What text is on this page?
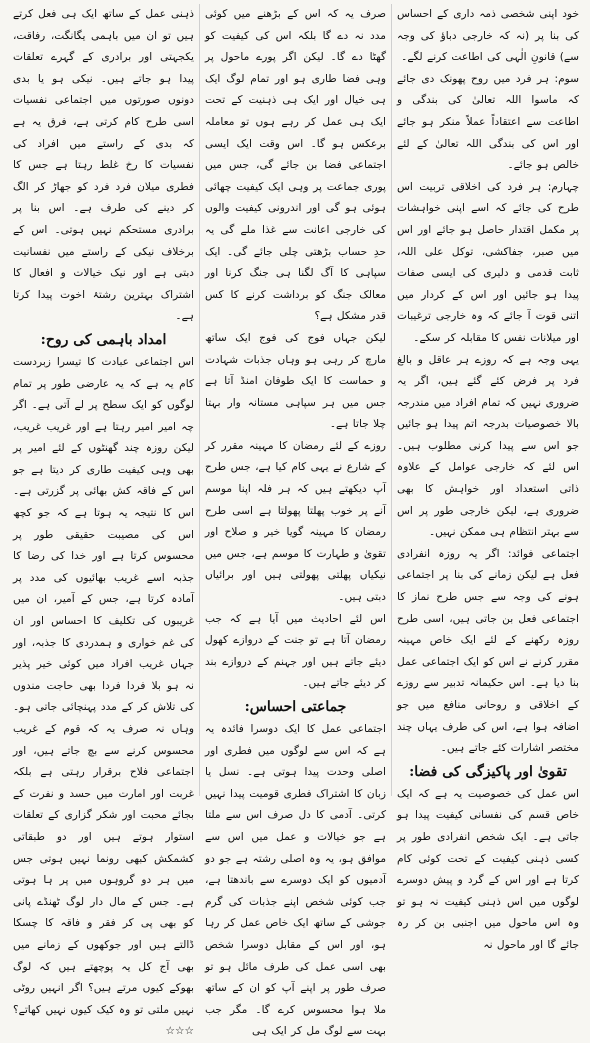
خود اپنی شخصی ذمہ داری کے احساس کی بنا پر (نہ کہ خارجی دباؤ کی وجہ سے) قانونِ الٰہی کی اطاعت کرنے لگے۔

سوم: ہر فرد میں روح پھونک دی جائے کہ ماسوا اللہ تعالیٰ کی بندگی و اطاعت سے اعتقاداً عملاً منکر ہو جائے اور اس کی بندگی اللہ تعالیٰ کے لئے خالص ہو جائے۔

چہارم: ہر فرد کی اخلاقی تربیت اس طرح کی جائے کہ اسے اپنی خواہشات پر مکمل اقتدار حاصل ہو جائے اور اس میں صبر، جفاکشی، توکل علی اللہ، ثابت قدمی و دلیری کی ایسی صفات پیدا ہو جائیں اور اس کے کردار میں اتنی قوت آ جائے کہ وہ خارجی ترغیبات اور میلانات نفس کا مقابلہ کر سکے۔

یہی وجہ ہے کہ روزے ہر عاقل و بالغ فرد پر فرض کئے گئے ہیں، اگر یہ ضروری نہیں کہ تمام افراد میں مندرجہ بالا خصوصیات بدرجہ اتم پیدا ہو جائیں جو اس سے پیدا کرنی مطلوب ہیں۔ اس لئے کہ خارجی عوامل کے علاوہ ذاتی استعداد اور خواہش کا بھی ضروری ہے، لیکن خارجی طور پر اس سے بہتر انتظام ہی ممکن نہیں۔

اجتماعی فوائد: اگر یہ روزہ انفرادی فعل ہے لیکن زمانے کی بنا پر اجتماعی ہونے کی وجہ سے جس طرح نماز کا اجتماعی فعل بن جاتی ہیں، اسی طرح روزہ رکھنے کے لئے ایک خاص مہینہ مقرر کرنے نے اس کو ایک اجتماعی عمل بنا دیا ہے۔ اس حکیمانہ تدبیر سے روزے کے اخلاقی و روحانی منافع میں جو اضافہ ہوا ہے، اس کی طرف یہاں چند مختصر اشارات کئے جاتے ہیں۔

تقویٰ اور پاکیزگی کی فضا:

اس عمل کی خصوصیت یہ ہے کہ ایک خاص قسم کی نفسانی کیفیت پیدا ہو جاتی ہے۔ ایک شخص انفرادی طور پر کسی ذہنی کیفیت کے تحت کوئی کام کرتا ہے اور اس کے گرد و پیش دوسرے لوگوں میں اس ذہنی کیفیت نہ ہو تو وہ اس ماحول میں اجنبی بن کر رہ جائے گا اور ماحول نہ

صرف یہ کہ اس کے بڑھنے میں کوئی مدد نہ دے گا بلکہ اس کی کیفیت کو گھٹا دے گا۔ لیکن اگر پورے ماحول پر وہی فضا طاری ہو اور تمام لوگ ایک ہی خیال اور ایک ہی ذہنیت کے تحت ایک ہی عمل کر رہے ہوں تو معاملہ برعکس ہو گا۔ اس وقت ایک ایسی اجتماعی فضا بن جائے گی، جس میں پوری جماعت پر وہی ایک کیفیت چھائی ہوئی ہو گی اور اندرونی کیفیت والوں کی خارجی اعانت سے غذا ملے گی یہ حدِ حساب بڑھتی چلی جائے گی۔ ایک سپاہی کا آگ لگنا ہی جنگ کرنا اور معالک جنگ کو برداشت کرنے کا کس قدر مشکل ہے؟

لیکن جہاں فوج کی فوج ایک ساتھ مارچ کر رہی ہو وہاں جذبات شہادت و حماست کا ایک طوفان امنڈ آتا ہے جس میں ہر سپاہی مستانہ وار بہتا چلا جاتا ہے۔

روزے کے لئے رمضان کا مہینہ مقرر کر کے شارع نے یہی کام کیا ہے، جس طرح آپ دیکھتے ہیں کہ ہر فلہ اپنا موسم آنے پر خوب پھلتا پھولتا ہے اسی طرح رمضان کا مہینہ گویا خیر و صلاح اور تقویٰ و طہارت کا موسم ہے، جس میں نیکیاں پھلتی پھولتی ہیں اور برائیاں دبتی ہیں۔

اس لئے احادیث میں آیا ہے کہ جب رمضان آتا ہے تو جنت کے دروازے کھول دیئے جاتے ہیں اور جہنم کے دروازے بند کر دیئے جاتے ہیں۔

جماعتی احساس:

اجتماعی عمل کا ایک دوسرا فائدہ یہ ہے کہ اس سے لوگوں میں فطری اور اصلی وحدت پیدا ہوتی ہے۔ نسل یا زبان کا اشتراک فطری قومیت پیدا نہیں کرتی۔ آدمی کا دل صرف اس سے ملتا ہے جو خیالات و عمل میں اس سے موافق ہو، یہ وہ اصلی رشتہ ہے جو دو آدمیوں کو ایک دوسرے سے باندھتا ہے، جب کوئی شخص اپنے جذبات کی گرم جوشی کے ساتھ ایک خاص عمل کر رہا ہو، اور اس کے مقابل دوسرا شخص بھی اسی عمل کی طرف مائل ہو تو صرف طور پر اپنے آپ کو ان کے ساتھ ملا ہوا محسوس کرے گا۔ مگر جب بہت سے لوگ مل کر ایک ہی

ذہنی عمل کے ساتھ ایک ہی فعل کرتے ہیں تو ان میں باہمی یگانگت، رفاقت، یکجہتی اور برادری کے گہرے تعلقات پیدا ہو جاتے ہیں۔ نیکی ہو یا بدی دونوں صورتوں میں اجتماعی نفسیات اسی طرح کام کرتی ہے، فرق یہ ہے کہ بدی کے راستے میں افراد کی نفسیات کا رخ غلط رہتا ہے جس کا فطری میلان فرد فرد کو جھاڑ کر الگ کر دینے کی طرف ہے۔ اس بنا پر برادری مستحکم نہیں ہوتی۔ اس کے برخلاف نیکی کے راستے میں نفسانیت دبتی ہے اور نیک خیالات و افعال کا اشتراک بہترین رشتۂ اخوت پیدا کرتا ہے۔

امداد باہمی کی روح:

اس اجتماعی عبادت کا تیسرا زبردست کام یہ ہے کہ یہ عارضی طور پر تمام لوگوں کو ایک سطح پر لے آتی ہے۔ اگر چہ امیر امیر رہتا ہے اور غریب غریب، لیکن روزہ چند گھنٹوں کے لئے امیر پر بھی وہی کیفیت طاری کر دیتا ہے جو اس کے فاقہ کش بھائی پر گزرتی ہے۔ اس کا نتیجہ یہ ہوتا ہے کہ جو کچھ اس کی مصیبت حقیقی طور پر محسوس کرتا ہے اور خدا کی رضا کا جذبہ اسے غریب بھائیوں کی مدد پر آمادہ کرتا ہے، جس کے آمیر، ان میں غریبوں کی تکلیف کا احساس اور ان کی غم خواری و ہمدردی کا جذبہ، اور جہاں غریب افراد میں کوئی خیر پذیر نہ ہو بلا فردا فردا بھی حاجت مندوں کی تلاش کر کے مدد پہنچائی جاتی ہو۔ وہاں نہ صرف یہ کہ قوم کے غریب محسوس کرنے سے بچ جاتے ہیں، اور اجتماعی فلاح برقرار رہتی ہے بلکہ غربت اور امارت میں حسد و نفرت کے بجائے محبت اور شکر گزاری کے تعلقات استوار ہوتے ہیں اور دو طبقاتی کشمکش کبھی رونما نہیں ہوتی جس میں ہر دو گروہوں میں پر ہا ہوتی ہے۔ جس کے مال دار لوگ ٹھنڈے پانی کو بھی پی کر فقر و فاقہ کا چسکا ڈالتے ہیں اور جوکھوں کے زمانے میں بھی آج کل یہ پوچھتے ہیں کہ لوگ بھوکے کیوں مرتے ہیں؟ اگر انہیں روٹی نہیں ملتی تو وہ کیک کیوں نہیں کھاتے؟ ☆☆☆
